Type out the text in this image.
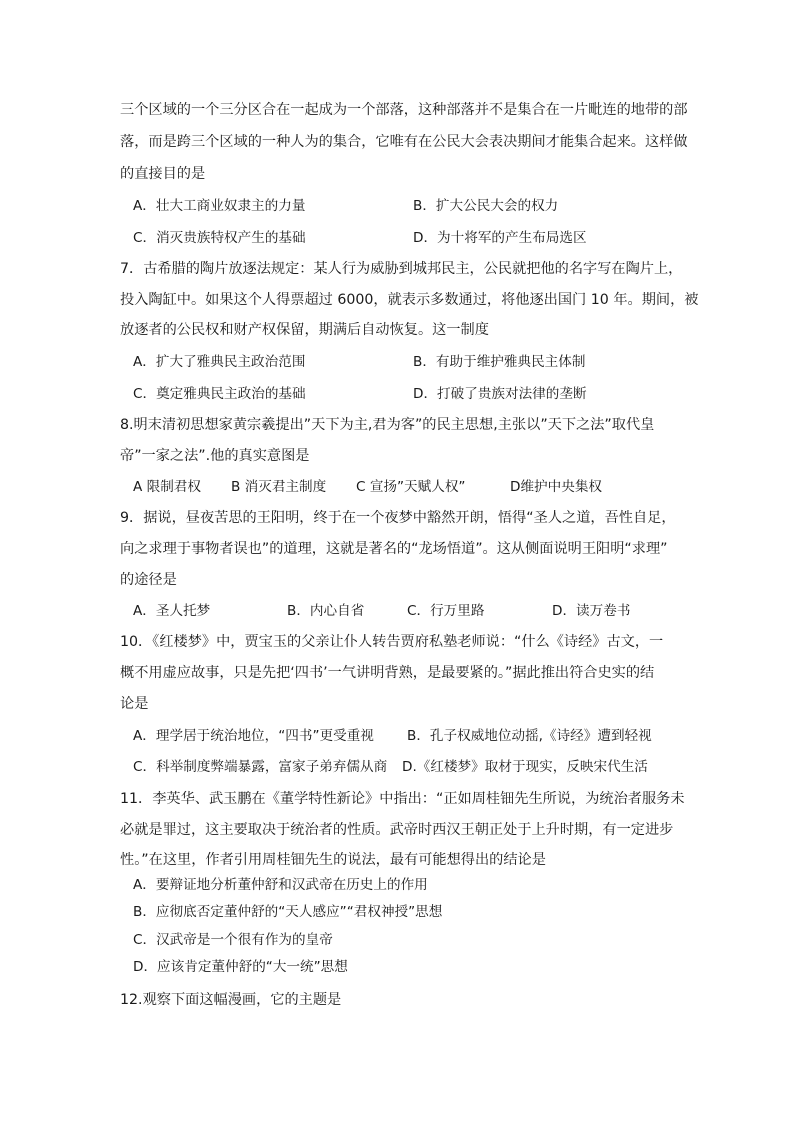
三个区域的一个三分区合在一起成为一个部落，这种部落并不是集合在一片毗连的地带的部
落，而是跨三个区域的一种人为的集合，它唯有在公民大会表决期间才能集合起来。这样做
的直接目的是
A．壮大工商业奴隶主的力量	B．扩大公民大会的权力
C．消灭贵族特权产生的基础	D．为十将军的产生布局选区
7．古希腊的陶片放逐法规定：某人行为威胁到城邦民主，公民就把他的名字写在陶片上，
投入陶缸中。如果这个人得票超过 6000，就表示多数通过，将他逐出国门 10 年。期间，被
放逐者的公民权和财产权保留，期满后自动恢复。这一制度
A．扩大了雅典民主政治范围	B．有助于维护雅典民主体制
C．奠定雅典民主政治的基础	D．打破了贵族对法律的垄断
8.明末清初思想家黄宗羲提出”天下为主,君为客”的民主思想,主张以”天下之法”取代皇
帝”一家之法”.他的真实意图是
A 限制君权 B 消灭君主制度 C 宣扬”天赋人权”	D维护中央集权
9．据说，昼夜苦思的王阳明，终于在一个夜梦中豁然开朗，悟得“圣人之道，吾性自足，
向之求理于事物者误也”的道理，这就是著名的“龙场悟道”。这从侧面说明王阳明“求理”
的途径是
A．圣人托梦	B．内心自省	C．行万里路	D．读万卷书
10．《红楼梦》中，贾宝玉的父亲让仆人转告贾府私塾老师说：“什么《诗经》古文，一
概不用虚应故事，只是先把‘四书’一气讲明背熟，是最要紧的。”据此推出符合史实的结
论是
A．理学居于统治地位，“四书”更受重视 B．孔子权威地位动摇,《诗经》遭到轻视
C．科举制度弊端暴露，富家子弟弃儒从商 D.《红楼梦》取材于现实，反映宋代生活
11．李英华、武玉鹏在《董学特性新论》中指出：“正如周桂钿先生所说，为统治者服务未
必就是罪过，这主要取决于统治者的性质。武帝时西汉王朝正处于上升时期，有一定进步
性。”在这里，作者引用周桂钿先生的说法，最有可能想得出的结论是
A．要辩证地分析董仲舒和汉武帝在历史上的作用
B．应彻底否定董仲舒的“天人感应”“君权神授”思想
C．汉武帝是一个很有作为的皇帝
D．应该肯定董仲舒的“大一统”思想
12.观察下面这幅漫画，它的主题是
